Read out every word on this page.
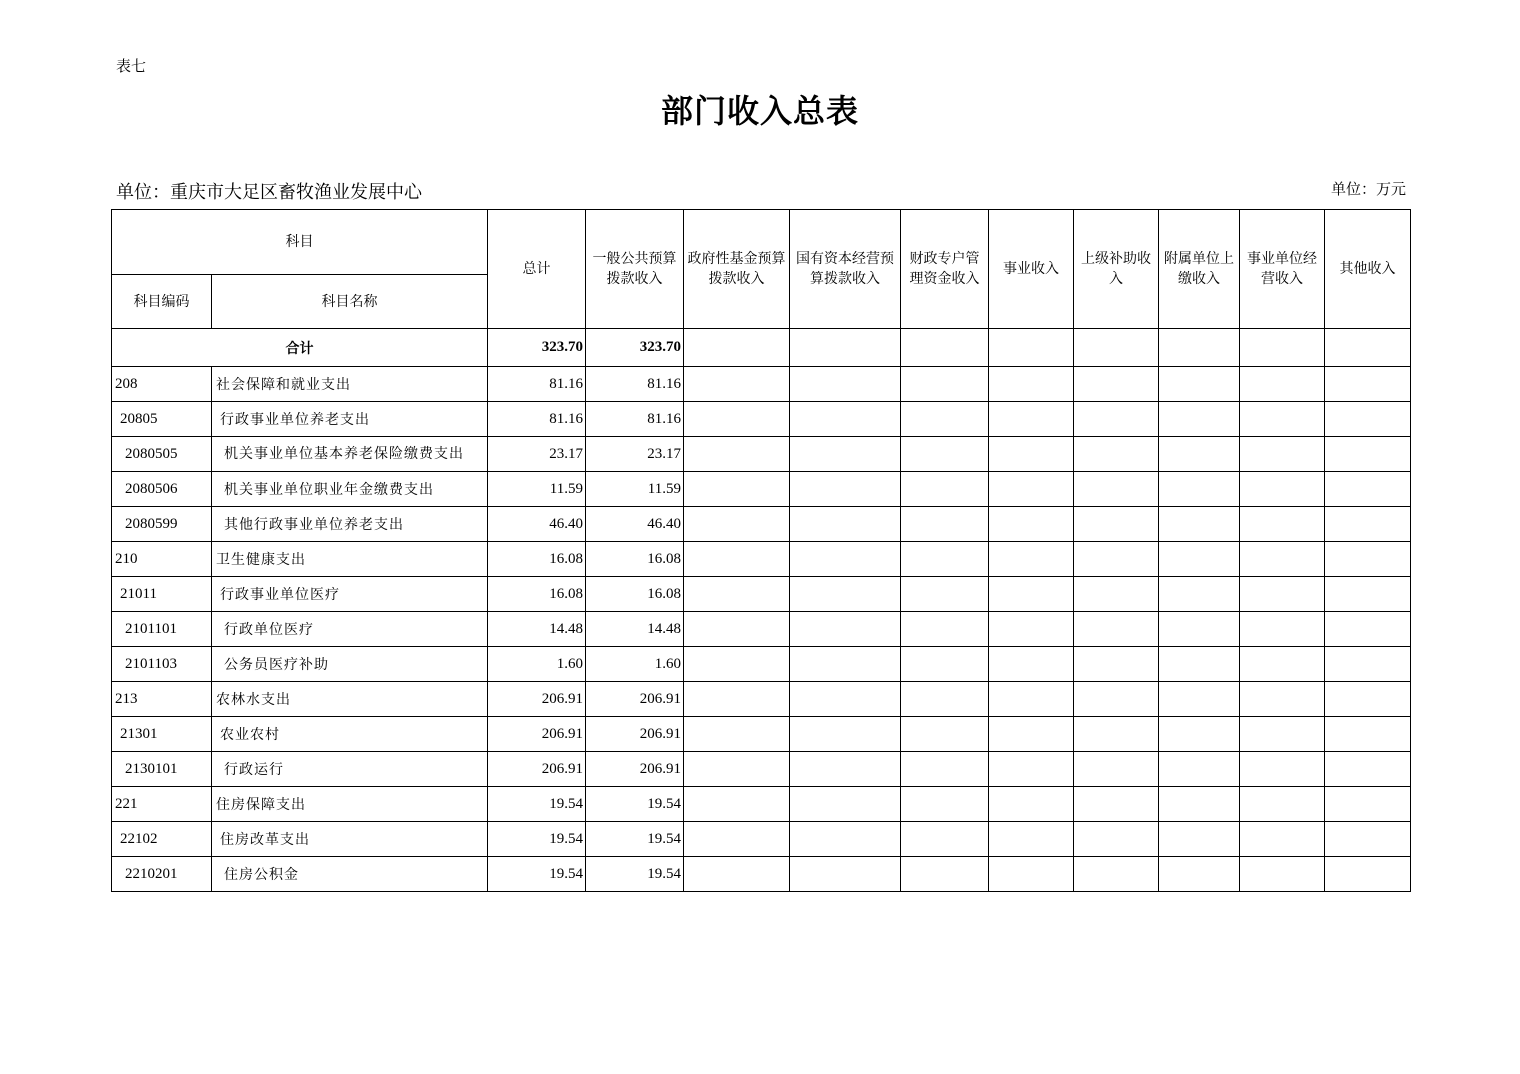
表七
部门收入总表
单位：重庆市大足区畜牧渔业发展中心	单位：万元
科目		总计	一般公共预算拨款收入	政府性基金预算拨款收入	国有资本经营预算拨款收入	财政专户管理资金收入	事业收入	上级补助收入	附属单位上缴收入	事业单位经营收入	其他收入
科目编码	科目名称										
合计		323.70	323.70								
208	社会保障和就业支出	81.16	81.16								
20805	行政事业单位养老支出	81.16	81.16								
2080505	机关事业单位基本养老保险缴费支出	23.17	23.17								
2080506	机关事业单位职业年金缴费支出	11.59	11.59								
2080599	其他行政事业单位养老支出	46.40	46.40								
210	卫生健康支出	16.08	16.08								
21011	行政事业单位医疗	16.08	16.08								
2101101	行政单位医疗	14.48	14.48								
2101103	公务员医疗补助	1.60	1.60								
213	农林水支出	206.91	206.91								
21301	农业农村	206.91	206.91								
2130101	行政运行	206.91	206.91								
221	住房保障支出	19.54	19.54								
22102	住房改革支出	19.54	19.54								
2210201	住房公积金	19.54	19.54								
